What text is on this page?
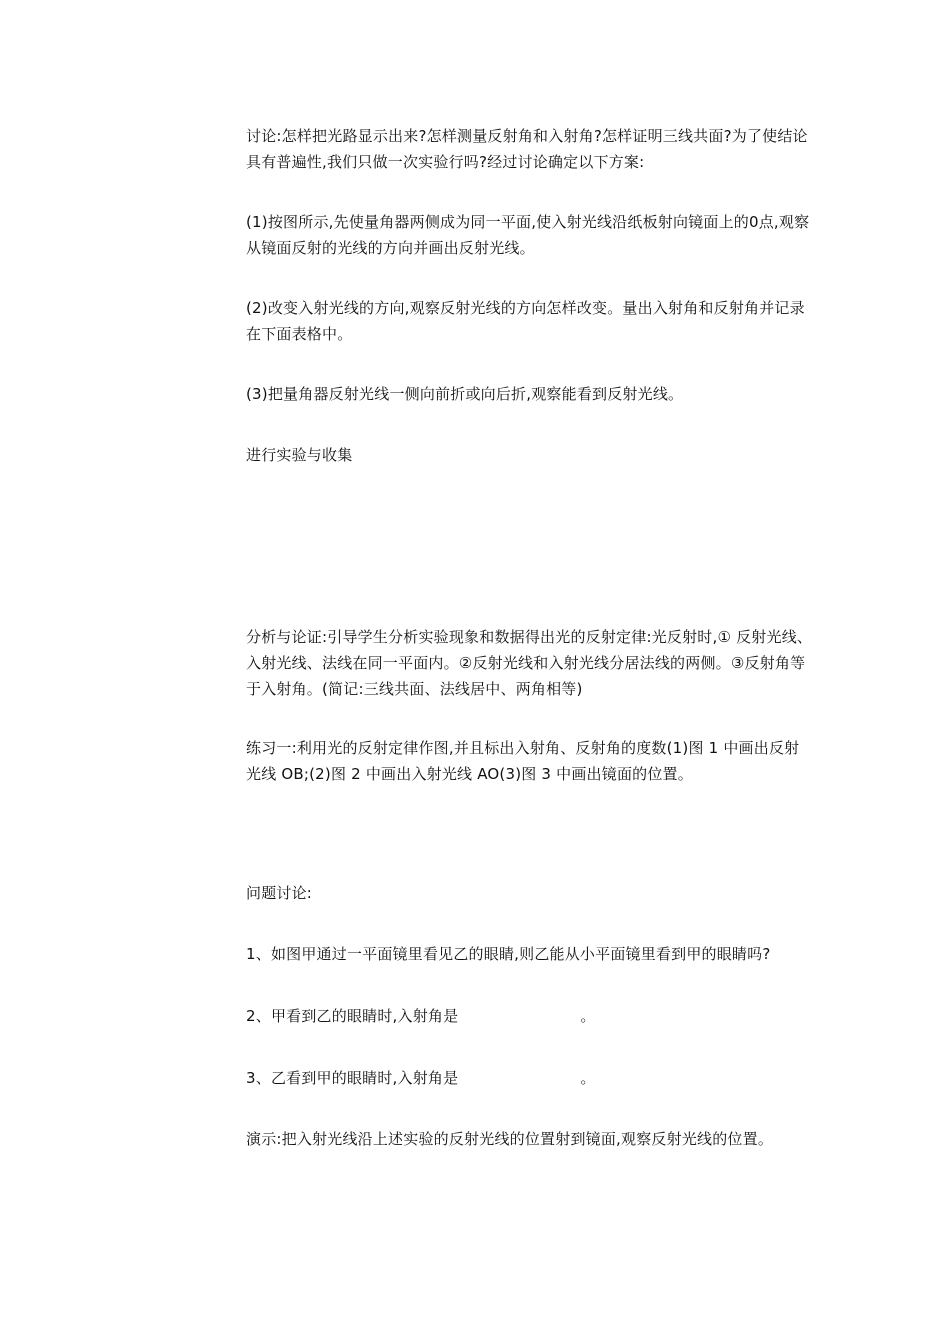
讨论:怎样把光路显示出来?怎样测量反射角和入射角?怎样证明三线共面?为了使结论具有普遍性,我们只做一次实验行吗?经过讨论确定以下方案:

(1)按图所示,先使量角器两侧成为同一平面,使入射光线沿纸板射向镜面上的0点,观察从镜面反射的光线的方向并画出反射光线。

(2)改变入射光线的方向,观察反射光线的方向怎样改变。量出入射角和反射角并记录在下面表格中。

(3)把量角器反射光线一侧向前折或向后折,观察能看到反射光线。

进行实验与收集

分析与论证:引导学生分析实验现象和数据得出光的反射定律:光反射时,① 反射光线、入射光线、法线在同一平面内。②反射光线和入射光线分居法线的两侧。③反射角等于入射角。(简记:三线共面、法线居中、两角相等)

练习一:利用光的反射定律作图,并且标出入射角、反射角的度数(1)图 1 中画出反射光线 OB;(2)图 2 中画出入射光线 AO(3)图 3 中画出镜面的位置。

问题讨论:

1、如图甲通过一平面镜里看见乙的眼睛,则乙能从小平面镜里看到甲的眼睛吗?

2、甲看到乙的眼睛时,入射角是	。

3、乙看到甲的眼睛时,入射角是	。

演示:把入射光线沿上述实验的反射光线的位置射到镜面,观察反射光线的位置。
